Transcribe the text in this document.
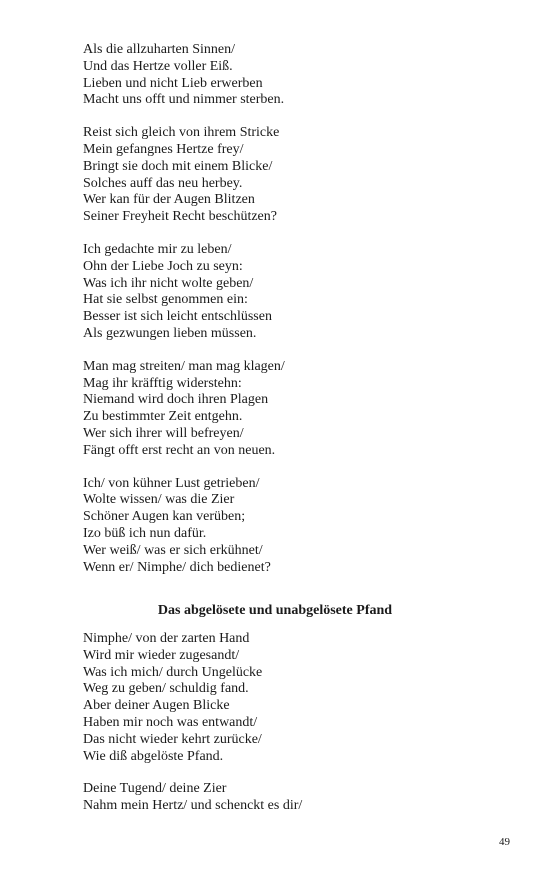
Als die allzuharten Sinnen/
Und das Hertze voller Eiß.
Lieben und nicht Lieb erwerben
Macht uns offt und nimmer sterben.
Reist sich gleich von ihrem Stricke
Mein gefangnes Hertze frey/
Bringt sie doch mit einem Blicke/
Solches auff das neu herbey.
Wer kan für der Augen Blitzen
Seiner Freyheit Recht beschützen?
Ich gedachte mir zu leben/
Ohn der Liebe Joch zu seyn:
Was ich ihr nicht wolte geben/
Hat sie selbst genommen ein:
Besser ist sich leicht entschlüssen
Als gezwungen lieben müssen.
Man mag streiten/ man mag klagen/
Mag ihr kräfftig widerstehn:
Niemand wird doch ihren Plagen
Zu bestimmter Zeit entgehn.
Wer sich ihrer will befreyen/
Fängt offt erst recht an von neuen.
Ich/ von kühner Lust getrieben/
Wolte wissen/ was die Zier
Schöner Augen kan verüben;
Izo büß ich nun dafür.
Wer weiß/ was er sich erkühnet/
Wenn er/ Nimphe/ dich bedienet?
Das abgelösete und unabgelösete Pfand
Nimphe/ von der zarten Hand
Wird mir wieder zugesandt/
Was ich mich/ durch Ungelücke
Weg zu geben/ schuldig fand.
Aber deiner Augen Blicke
Haben mir noch was entwandt/
Das nicht wieder kehrt zurücke/
Wie diß abgelöste Pfand.
Deine Tugend/ deine Zier
Nahm mein Hertz/ und schenckt es dir/
49
